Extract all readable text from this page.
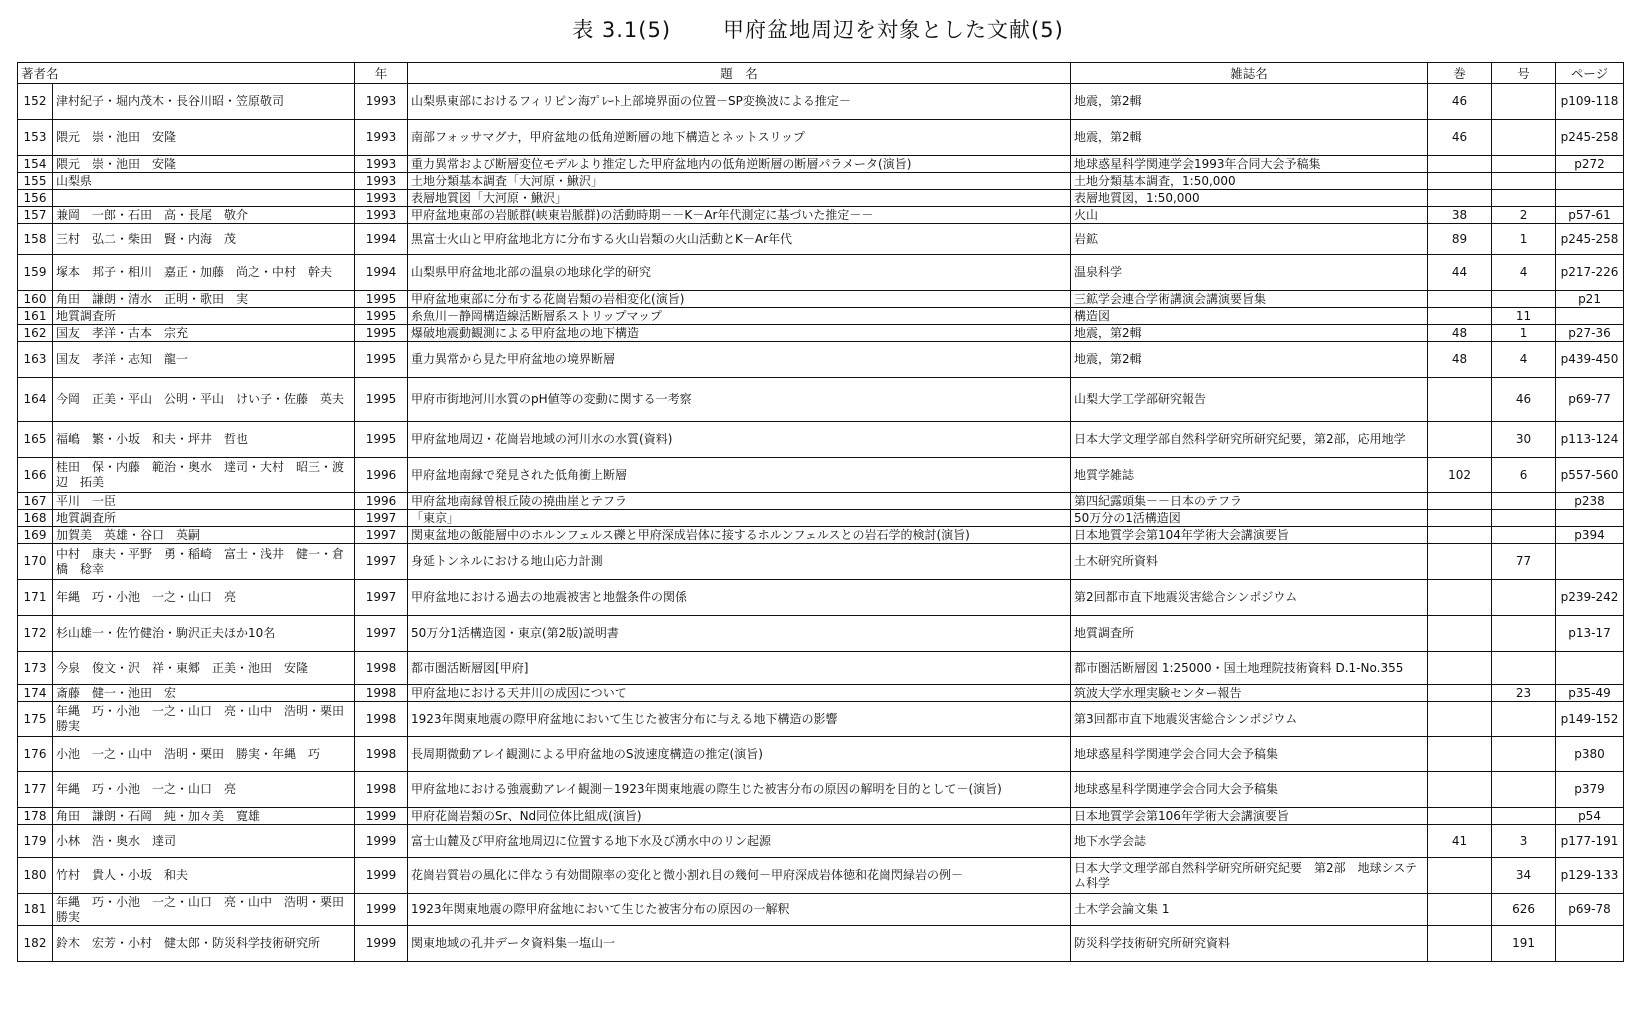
表 3.1(5) 甲府盆地周辺を対象とした文献(5)
著者名		年	題　名	雑誌名	巻	号	ページ
152	津村紀子・堀内茂木・長谷川昭・笠原敬司	1993	山梨県東部におけるフィリピン海ﾌﾟﾚｰﾄ上部境界面の位置－SP変換波による推定－	地震，第2輯	46		p109-118
153	隈元　崇・池田　安隆	1993	南部フォッサマグナ，甲府盆地の低角逆断層の地下構造とネットスリップ	地震，第2輯	46		p245-258
154	隈元　崇・池田　安隆	1993	重力異常および断層変位モデルより推定した甲府盆地内の低角逆断層の断層パラメータ(演旨)	地球惑星科学関連学会1993年合同大会予稿集			p272
155	山梨県	1993	土地分類基本調査「大河原・鰍沢」	土地分類基本調査，1:50,000			
156		1993	表層地質図「大河原・鰍沢」	表層地質図，1:50,000			
157	兼岡　一郎・石田　高・長尾　敬介	1993	甲府盆地東部の岩脈群(峡東岩脈群)の活動時期－－K－Ar年代測定に基づいた推定－－	火山	38	2	p57-61
158	三村　弘二・柴田　賢・内海　茂	1994	黒富士火山と甲府盆地北方に分布する火山岩類の火山活動とK－Ar年代	岩鉱	89	1	p245-258
159	塚本　邦子・相川　嘉正・加藤　尚之・中村　幹夫	1994	山梨県甲府盆地北部の温泉の地球化学的研究	温泉科学	44	4	p217-226
160	角田　謙朗・清水　正明・歌田　実	1995	甲府盆地東部に分布する花崗岩類の岩相変化(演旨)	三鉱学会連合学術講演会講演要旨集			p21
161	地質調査所	1995	糸魚川－静岡構造線活断層系ストリップマップ	構造図		11	
162	国友　孝洋・古本　宗充	1995	爆破地震動観測による甲府盆地の地下構造	地震，第2輯	48	1	p27-36
163	国友　孝洋・志知　龍一	1995	重力異常から見た甲府盆地の境界断層	地震，第2輯	48	4	p439-450
164	今岡　正美・平山　公明・平山　けい子・佐藤　英夫	1995	甲府市街地河川水質のpH値等の変動に関する一考察	山梨大学工学部研究報告		46	p69-77
165	福嶋　繁・小坂　和夫・坪井　哲也	1995	甲府盆地周辺・花崗岩地域の河川水の水質(資料)	日本大学文理学部自然科学研究所研究紀要，第2部，応用地学		30	p113-124
166	桂田　保・内藤　範治・奥水　達司・大村　昭三・渡辺　拓美	1996	甲府盆地南縁で発見された低角衝上断層	地質学雑誌	102	6	p557-560
167	平川　一臣	1996	甲府盆地南縁曽根丘陵の撓曲崖とテフラ	第四紀露頭集－－日本のテフラ			p238
168	地質調査所	1997	「東京」	50万分の1活構造図			
169	加賀美　英雄・谷口　英嗣	1997	関東盆地の飯能層中のホルンフェルス礫と甲府深成岩体に接するホルンフェルスとの岩石学的検討(演旨)	日本地質学会第104年学術大会講演要旨			p394
170	中村　康夫・平野　勇・稲崎　富士・浅井　健一・倉橋　稔幸	1997	身延トンネルにおける地山応力計測	土木研究所資料		77	
171	年縄　巧・小池　一之・山口　亮	1997	甲府盆地における過去の地震被害と地盤条件の関係	第2回都市直下地震災害総合シンポジウム			p239-242
172	杉山雄一・佐竹健治・駒沢正夫ほか10名	1997	50万分1活構造図・東京(第2版)説明書	地質調査所			p13-17
173	今泉　俊文・沢　祥・東郷　正美・池田　安隆	1998	都市圏活断層図[甲府]	都市圏活断層図 1:25000・国土地理院技術資料 D.1-No.355			
174	斎藤　健一・池田　宏	1998	甲府盆地における天井川の成因について	筑波大学水理実験センター報告		23	p35-49
175	年縄　巧・小池　一之・山口　亮・山中　浩明・栗田　勝実	1998	1923年関東地震の際甲府盆地において生じた被害分布に与える地下構造の影響	第3回都市直下地震災害総合シンポジウム			p149-152
176	小池　一之・山中　浩明・栗田　勝実・年縄　巧	1998	長周期微動アレイ観測による甲府盆地のS波速度構造の推定(演旨)	地球惑星科学関連学会合同大会予稿集			p380
177	年縄　巧・小池　一之・山口　亮	1998	甲府盆地における強震動アレイ観測－1923年関東地震の際生じた被害分布の原因の解明を目的として－(演旨)	地球惑星科学関連学会合同大会予稿集			p379
178	角田　謙朗・石岡　純・加々美　寛雄	1999	甲府花崗岩類のSr、Nd同位体比組成(演旨)	日本地質学会第106年学術大会講演要旨			p54
179	小林　浩・奥水　達司	1999	富士山麓及び甲府盆地周辺に位置する地下水及び湧水中のリン起源	地下水学会誌	41	3	p177-191
180	竹村　貴人・小坂　和夫	1999	花崗岩質岩の風化に伴なう有効間隙率の変化と微小割れ目の幾何－甲府深成岩体徳和花崗閃緑岩の例－	日本大学文理学部自然科学研究所研究紀要　第2部　地球システム科学		34	p129-133
181	年縄　巧・小池　一之・山口　亮・山中　浩明・栗田　勝実	1999	1923年関東地震の際甲府盆地において生じた被害分布の原因の一解釈	土木学会論文集 1		626	p69-78
182	鈴木　宏芳・小村　健太郎・防災科学技術研究所	1999	関東地域の孔井データ資料集一塩山一	防災科学技術研究所研究資料		191	
